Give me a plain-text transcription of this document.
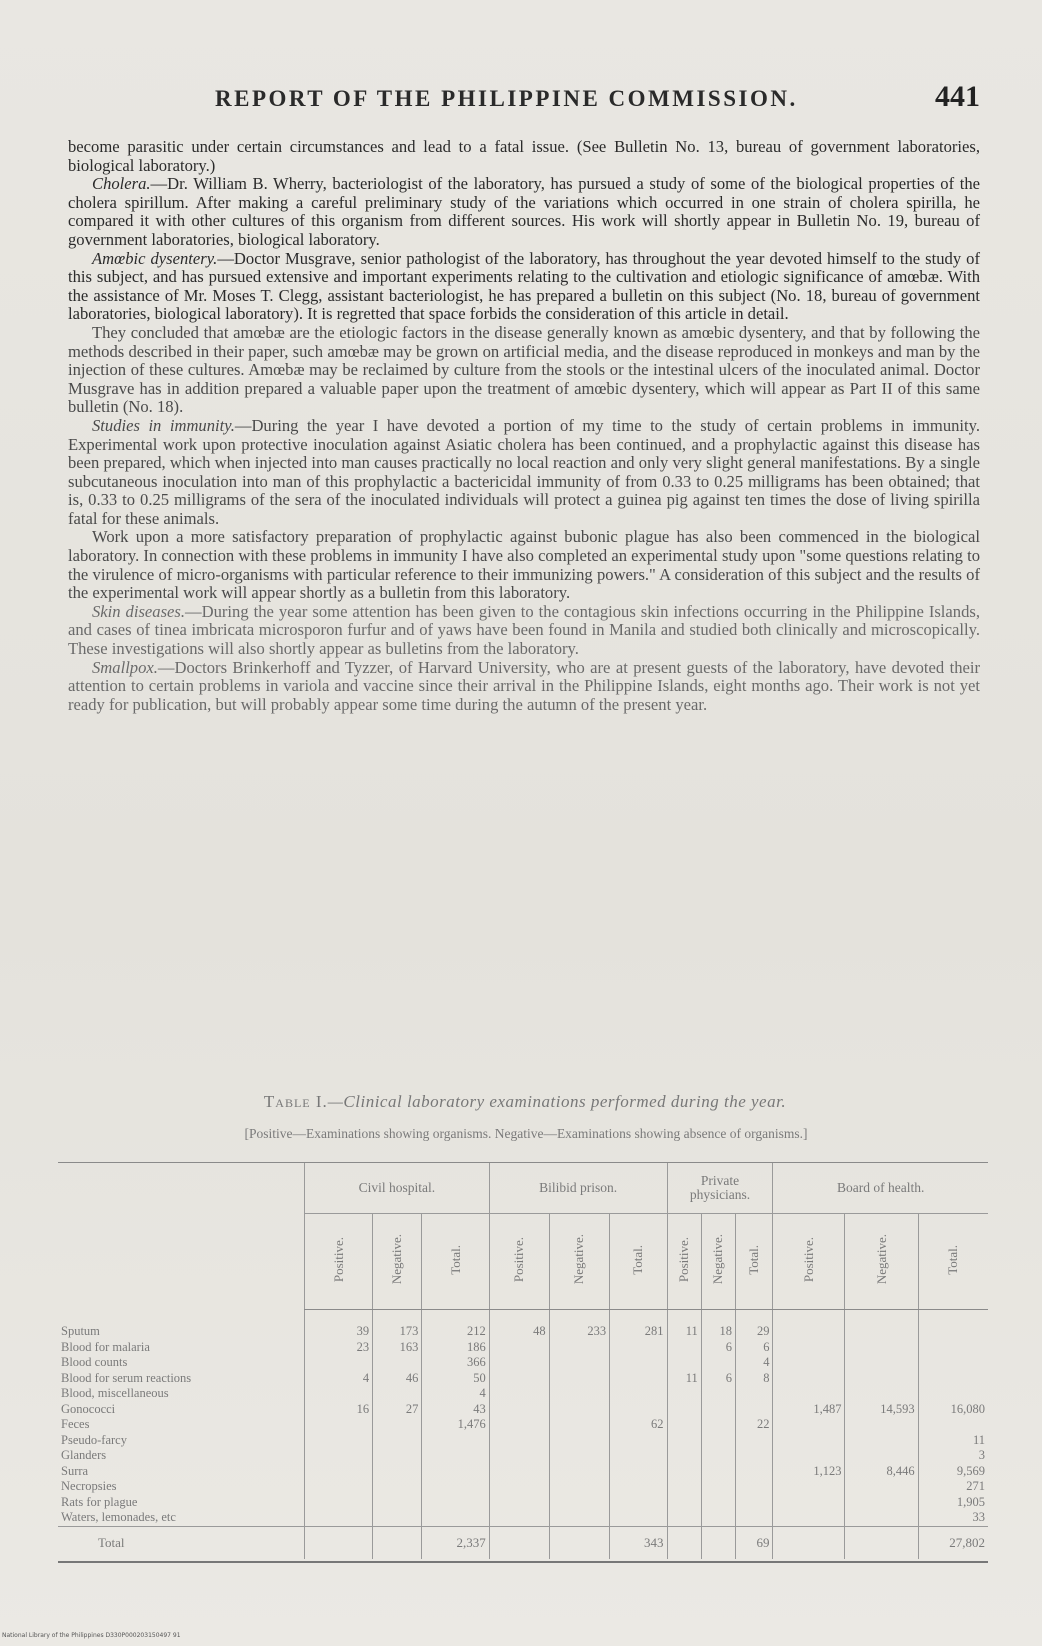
REPORT OF THE PHILIPPINE COMMISSION.	441

become parasitic under certain circumstances and lead to a fatal issue. (See Bulletin No. 13, bureau of government laboratories, biological laboratory.)

Cholera.—Dr. William B. Wherry, bacteriologist of the laboratory, has pursued a study of some of the biological properties of the cholera spirillum. After making a careful preliminary study of the variations which occurred in one strain of cholera spirilla, he compared it with other cultures of this organism from different sources. His work will shortly appear in Bulletin No. 19, bureau of government laboratories, biological laboratory.

Amœbic dysentery.—Doctor Musgrave, senior pathologist of the laboratory, has throughout the year devoted himself to the study of this subject, and has pursued extensive and important experiments relating to the cultivation and etiologic significance of amœbæ. With the assistance of Mr. Moses T. Clegg, assistant bacteriologist, he has prepared a bulletin on this subject (No. 18, bureau of government laboratories, biological laboratory). It is regretted that space forbids the consideration of this article in detail.

They concluded that amœbæ are the etiologic factors in the disease generally known as amœbic dysentery, and that by following the methods described in their paper, such amœbæ may be grown on artificial media, and the disease reproduced in monkeys and man by the injection of these cultures. Amœbæ may be reclaimed by culture from the stools or the intestinal ulcers of the inoculated animal. Doctor Musgrave has in addition prepared a valuable paper upon the treatment of amœbic dysentery, which will appear as Part II of this same bulletin (No. 18).

Studies in immunity.—During the year I have devoted a portion of my time to the study of certain problems in immunity. Experimental work upon protective inoculation against Asiatic cholera has been continued, and a prophylactic against this disease has been prepared, which when injected into man causes practically no local reaction and only very slight general manifestations. By a single subcutaneous inoculation into man of this prophylactic a bactericidal immunity of from 0.33 to 0.25 milligrams has been obtained; that is, 0.33 to 0.25 milligrams of the sera of the inoculated individuals will protect a guinea pig against ten times the dose of living spirilla fatal for these animals.

Work upon a more satisfactory preparation of prophylactic against bubonic plague has also been commenced in the biological laboratory. In connection with these problems in immunity I have also completed an experimental study upon "some questions relating to the virulence of micro-organisms with particular reference to their immunizing powers." A consideration of this subject and the results of the experimental work will appear shortly as a bulletin from this laboratory.

Skin diseases.—During the year some attention has been given to the contagious skin infections occurring in the Philippine Islands, and cases of tinea imbricata microsporon furfur and of yaws have been found in Manila and studied both clinically and microscopically. These investigations will also shortly appear as bulletins from the laboratory.

Smallpox.—Doctors Brinkerhoff and Tyzzer, of Harvard University, who are at present guests of the laboratory, have devoted their attention to certain problems in variola and vaccine since their arrival in the Philippine Islands, eight months ago. Their work is not yet ready for publication, but will probably appear some time during the autumn of the present year.

Table I.—Clinical laboratory examinations performed during the year.
[Positive—Examinations showing organisms. Negative—Examinations showing absence of organisms.]
	Civil hospital.			Bilibid prison.			Private physicians.			Board of health.		
	Positive.	Negative.	Total.	Positive.	Negative.	Total.	Positive.	Negative.	Total.	Positive.	Negative.	Total.

Sputum	39	173	212	48	233	281	11	18	29			
Blood for malaria	23	163	186					6	6			
Blood counts			366						4			
Blood for serum reactions	4	46	50				11	6	8			
Blood, miscellaneous			4									
Gonococci	16	27	43							1,487	14,593	16,080
Feces			1,476			62			22			
Pseudo-farcy												11
Glanders												3
Surra										1,123	8,446	9,569
Necropsies												271
Rats for plague												1,905
Waters, lemonades, etc												33
Total			2,337			343			69			27,802
National Library of the Philippines D330P000203150497 91
